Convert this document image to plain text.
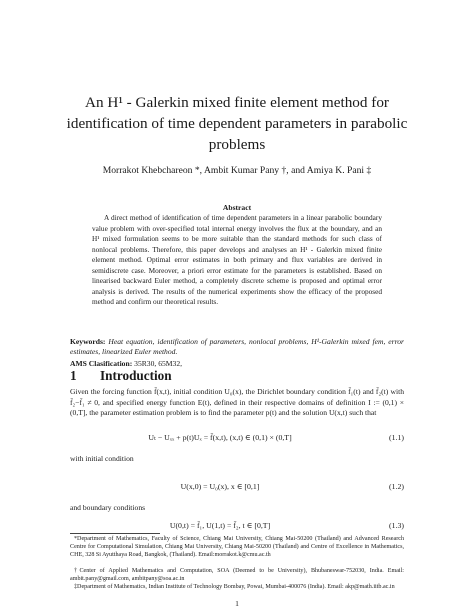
An H¹ - Galerkin mixed finite element method for
identification of time dependent parameters in parabolic
problems
Morrakot Khebchareon *, Ambit Kumar Pany †, and Amiya K. Pani ‡
Abstract
A direct method of identification of time dependent parameters in a linear parabolic boundary value problem with over-specified total internal energy involves the flux at the boundary, and an H¹ mixed formulation seems to be more suitable than the standard methods for such class of nonlocal problems. Therefore, this paper develops and analyses an H¹ - Galerkin mixed finite element method. Optimal error estimates in both primary and flux variables are derived in semidiscrete case. Moreover, a priori error estimate for the parameters is established. Based on linearised backward Euler method, a completely discrete scheme is proposed and optimal error analysis is derived. The results of the numerical experiments show the efficacy of the proposed method and confirm our theoretical results.
Keywords: Heat equation, identification of parameters, nonlocal problems, H¹-Galerkin mixed fem, error estimates, linearized Euler method.
AMS Clasification: 35R30, 65M32,
1 Introduction
Given the forcing function f̄(x,t), initial condition U₀(x), the Dirichlet boundary condition f̄₁(t) and f̄₂(t) with f̄₂−f̄₁ ≠ 0, and specified energy function E(t), defined in their respective domains of definition I := (0,1) × (0,T], the parameter estimation problem is to find the parameter p(t) and the solution U(x,t) such that
Uₜ − Uₓₓ + p(t)Uₓ = f̄(x,t), (x,t) ∈ (0,1) × (0,T]	(1.1)
with initial condition
U(x,0) = U₀(x), x ∈ [0,1]	(1.2)
and boundary conditions
U(0,t) = f̄₁, U(1,t) = f̄₂, t ∈ [0,T]	(1.3)
*Department of Mathematics, Faculty of Science, Chiang Mai University, Chiang Mai-50200 (Thailand) and Advanced Research Centre for Computational Simulation, Chiang Mai University, Chiang Mai-50200 (Thailand) and Centre of Excellence in Mathematics, CHE, 328 Si Ayutthaya Road, Bangkok, (Thailand). Email:morrakot.k@cmu.ac.th
†Center of Applied Mathematics and Computation, SOA (Deemed to be University), Bhubaneswar-752030, India. Email: ambit.pany@gmail.com, ambitpany@soa.ac.in
‡Department of Mathematics, Indian Institute of Technology Bombay, Powai, Mumbai-400076 (India). Email: akp@math.iitb.ac.in
1
